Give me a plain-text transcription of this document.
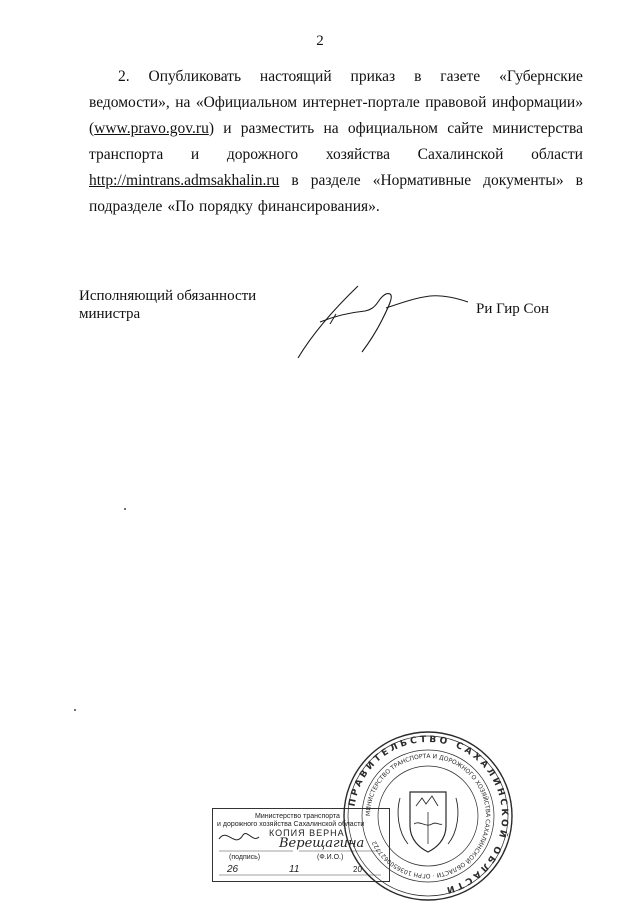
2
2. Опубликовать настоящий приказ в газете «Губернские
ведомости», на «Официальном интернет-портале правовой информации»
(www.pravo.gov.ru) и разместить на официальном сайте министерства
транспорта и дорожного хозяйства Сахалинской области
http://mintrans.admsakhalin.ru в разделе «Нормативные документы» в
подразделе «По порядку финансирования».
Исполняющий обязанности
министра	Ри Гир Сон
Министерство транспорта
и дорожного хозяйства Сахалинской области
КОПИЯ ВЕРНА
Верещагина
(подпись)	(Ф.И.О.)
26	11	20
ПРАВИТЕЛЬСТВО САХАЛИНСКОЙ ОБЛАСТИ
МИНИСТЕРСТВО ТРАНСПОРТА И ДОРОЖНОГО ХОЗЯЙСТВА САХАЛИНСКОЙ ОБЛАСТИ · ОГРН 1036500627722
